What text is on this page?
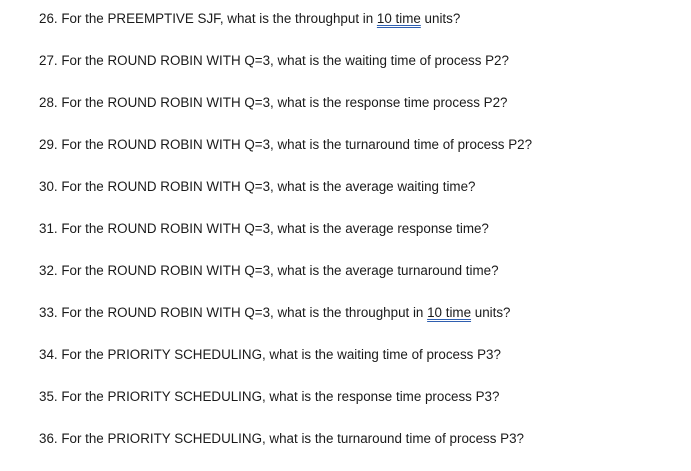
26. For the PREEMPTIVE SJF, what is the throughput in 10 time units?
27. For the ROUND ROBIN WITH Q=3, what is the waiting time of process P2?
28. For the ROUND ROBIN WITH Q=3, what is the response time process P2?
29. For the ROUND ROBIN WITH Q=3, what is the turnaround time of process P2?
30. For the ROUND ROBIN WITH Q=3, what is the average waiting time?
31. For the ROUND ROBIN WITH Q=3, what is the average response time?
32. For the ROUND ROBIN WITH Q=3, what is the average turnaround time?
33. For the ROUND ROBIN WITH Q=3, what is the throughput in 10 time units?
34. For the PRIORITY SCHEDULING, what is the waiting time of process P3?
35. For the PRIORITY SCHEDULING, what is the response time process P3?
36. For the PRIORITY SCHEDULING, what is the turnaround time of process P3?
